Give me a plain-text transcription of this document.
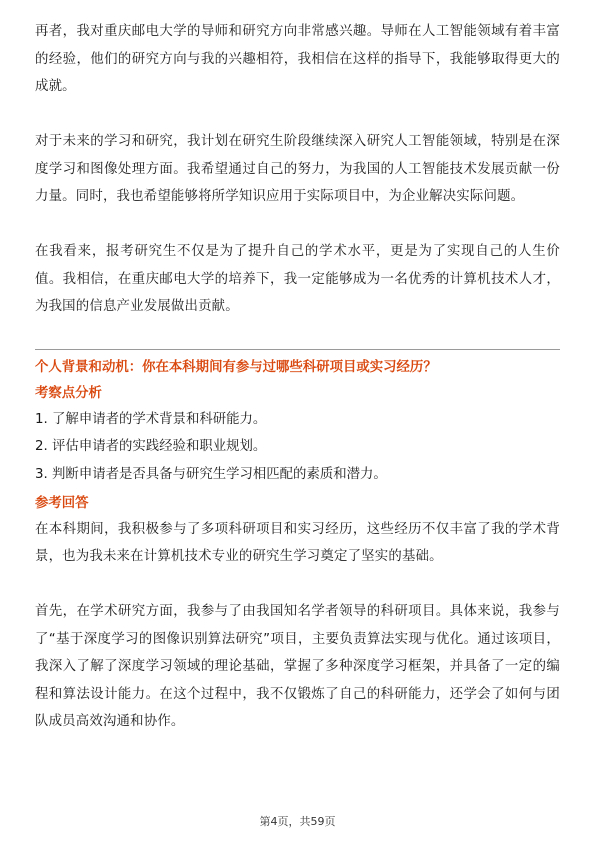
再者，我对重庆邮电大学的导师和研究方向非常感兴趣。导师在人工智能领域有着丰富的经验，他们的研究方向与我的兴趣相符，我相信在这样的指导下，我能够取得更大的成就。

对于未来的学习和研究，我计划在研究生阶段继续深入研究人工智能领域，特别是在深度学习和图像处理方面。我希望通过自己的努力，为我国的人工智能技术发展贡献一份力量。同时，我也希望能够将所学知识应用于实际项目中，为企业解决实际问题。

在我看来，报考研究生不仅是为了提升自己的学术水平，更是为了实现自己的人生价值。我相信，在重庆邮电大学的培养下，我一定能够成为一名优秀的计算机技术人才，为我国的信息产业发展做出贡献。

个人背景和动机：你在本科期间有参与过哪些科研项目或实习经历？

考察点分析

1. 了解申请者的学术背景和科研能力。

2. 评估申请者的实践经验和职业规划。

3. 判断申请者是否具备与研究生学习相匹配的素质和潜力。

参考回答

在本科期间，我积极参与了多项科研项目和实习经历，这些经历不仅丰富了我的学术背景，也为我未来在计算机技术专业的研究生学习奠定了坚实的基础。

首先，在学术研究方面，我参与了由我国知名学者领导的科研项目。具体来说，我参与了“基于深度学习的图像识别算法研究”项目，主要负责算法实现与优化。通过该项目，我深入了解了深度学习领域的理论基础，掌握了多种深度学习框架，并具备了一定的编程和算法设计能力。在这个过程中，我不仅锻炼了自己的科研能力，还学会了如何与团队成员高效沟通和协作。

第4页，共59页
